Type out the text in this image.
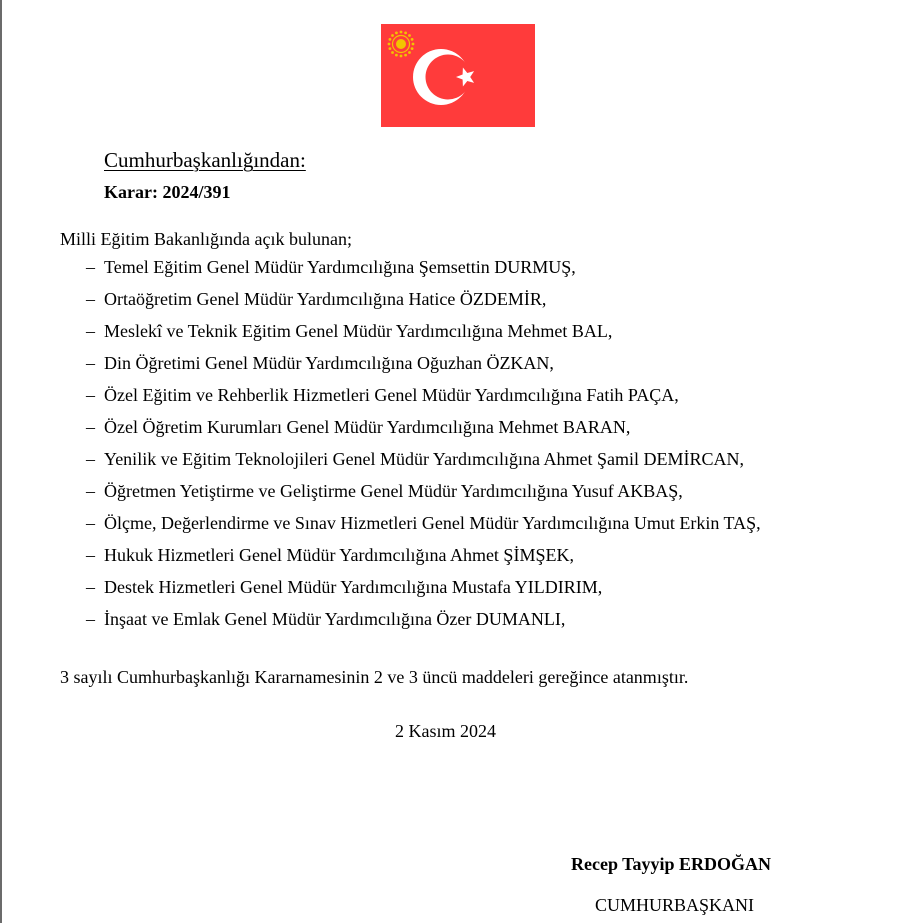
Cumhurbaşkanlığından:
Karar: 2024/391
Milli Eğitim Bakanlığında açık bulunan;
– Temel Eğitim Genel Müdür Yardımcılığına Şemsettin DURMUŞ,
– Ortaöğretim Genel Müdür Yardımcılığına Hatice ÖZDEMİR,
– Meslekî ve Teknik Eğitim Genel Müdür Yardımcılığına Mehmet BAL,
– Din Öğretimi Genel Müdür Yardımcılığına Oğuzhan ÖZKAN,
– Özel Eğitim ve Rehberlik Hizmetleri Genel Müdür Yardımcılığına Fatih PAÇA,
– Özel Öğretim Kurumları Genel Müdür Yardımcılığına Mehmet BARAN,
– Yenilik ve Eğitim Teknolojileri Genel Müdür Yardımcılığına Ahmet Şamil DEMİRCAN,
– Öğretmen Yetiştirme ve Geliştirme Genel Müdür Yardımcılığına Yusuf AKBAŞ,
– Ölçme, Değerlendirme ve Sınav Hizmetleri Genel Müdür Yardımcılığına Umut Erkin TAŞ,
– Hukuk Hizmetleri Genel Müdür Yardımcılığına Ahmet ŞİMŞEK,
– Destek Hizmetleri Genel Müdür Yardımcılığına Mustafa YILDIRIM,
– İnşaat ve Emlak Genel Müdür Yardımcılığına Özer DUMANLI,
3 sayılı Cumhurbaşkanlığı Kararnamesinin 2 ve 3 üncü maddeleri gereğince atanmıştır.
2 Kasım 2024
Recep Tayyip ERDOĞAN
CUMHURBAŞKANI
